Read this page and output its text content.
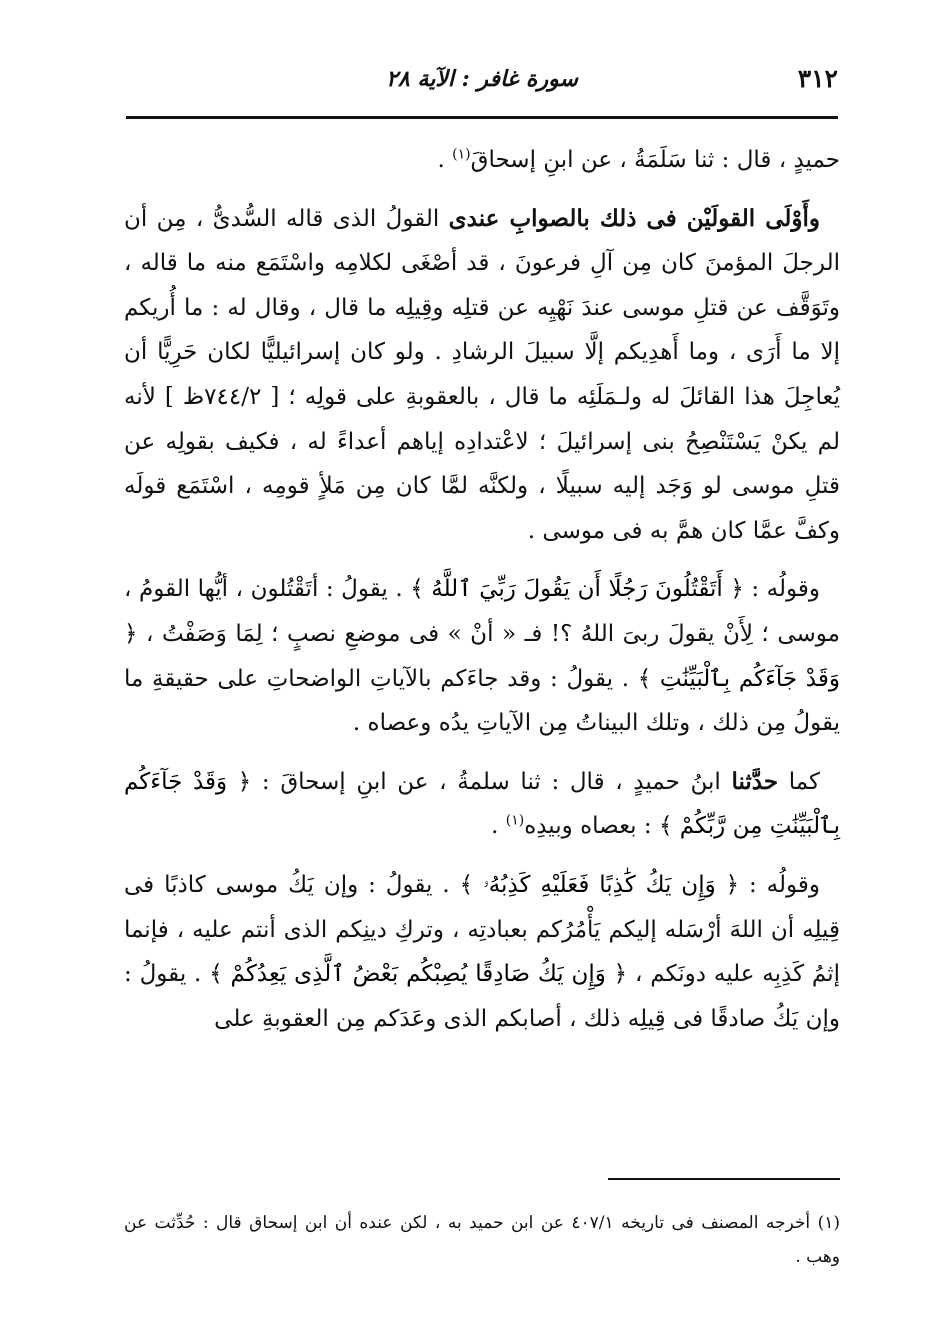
٣١٢
سورة غافر : الآية ٢٨

حميدٍ ، قال : ثنا سَلَمَةُ ، عن ابنِ إسحاقَ$^{(١)}$ .

وأَوْلَى القولَيْن فى ذلك بالصوابِ عندى القولُ الذى قاله السُّدىُّ ، مِن أن الرجلَ المؤمنَ كان مِن آلِ فرعونَ ، قد أصْغَى لكلامِه واسْتَمَع منه ما قاله ، وتَوَقَّف عن قتلِ موسى عندَ نَهْيِه عن قتلِه وقِيلِه ما قال ، وقال له : ما أُريكم إلا ما أَرَى ، وما أَهدِيكم إلَّا سبيلَ الرشادِ . ولو كان إسرائيليًّا لكان حَرِيًّا أن يُعاجِلَ هذا القائلَ له ولـمَلَئِه ما قال ، بالعقوبةِ على قولِه ؛ [ ٧٤٤/٢ظ ] لأنه لم يكنْ يَسْتَنْصِحُ بنى إسرائيلَ ؛ لاعْتدادِه إياهم أعداءً له ، فكيف بقولِه عن قتلِ موسى لو وَجَد إليه سبيلًا ، ولكنَّه لمَّا كان مِن مَلأٍ قومِه ، اسْتَمَع قولَه وكفَّ عمَّا كان همَّ به فى موسى .

وقولُه : ﴿ أَتَقْتُلُونَ رَجُلًا أَن يَقُولَ رَبِّيَ ٱللَّهُ ﴾ . يقولُ : أتَقْتُلون ، أيُّها القومُ ، موسى ؛ لِأَنْ يقولَ ربىَ اللهُ ؟! فـ « أنْ » فى موضعِ نصبٍ ؛ لِمَا وَصَفْتُ ، ﴿ وَقَدْ جَآءَكُم بِٱلْبَيِّنَٰتِ ﴾ . يقولُ : وقد جاءَكم بالآياتِ الواضحاتِ على حقيقةِ ما يقولُ مِن ذلك ، وتلك البيناتُ مِن الآياتِ يدُه وعصاه .

كما حدَّثنا ابنُ حميدٍ ، قال : ثنا سلمةُ ، عن ابنِ إسحاقَ : ﴿ وَقَدْ جَآءَكُم بِٱلْبَيِّنَٰتِ مِن رَّبِّكُمْ ﴾ : بعصاه وبيدِه$^{(١)}$ .

وقولُه : ﴿ وَإِن يَكُ كَٰذِبًا فَعَلَيْهِ كَذِبُهُۥ ﴾ . يقولُ : وإن يَكُ موسى كاذبًا فى قِيلِه أن اللهَ أرْسَله إليكم يَأْمُرُكم بعبادتِه ، وتركِ دينِكم الذى أنتم عليه ، فإنما إثمُ كَذِبِه عليه دونَكم ، ﴿ وَإِن يَكُ صَادِقًا يُصِبْكُم بَعْضُ ٱلَّذِى يَعِدُكُمْ ﴾ . يقولُ : وإن يَكُ صادقًا فى قِيلِه ذلك ، أصابكم الذى وعَدَكم مِن العقوبةِ على

(١) أخرجه المصنف فى تاريخه ٤٠٧/١ عن ابن حميد به ، لكن عنده أن ابن إسحاق قال : حُدِّثت عن وهب .
